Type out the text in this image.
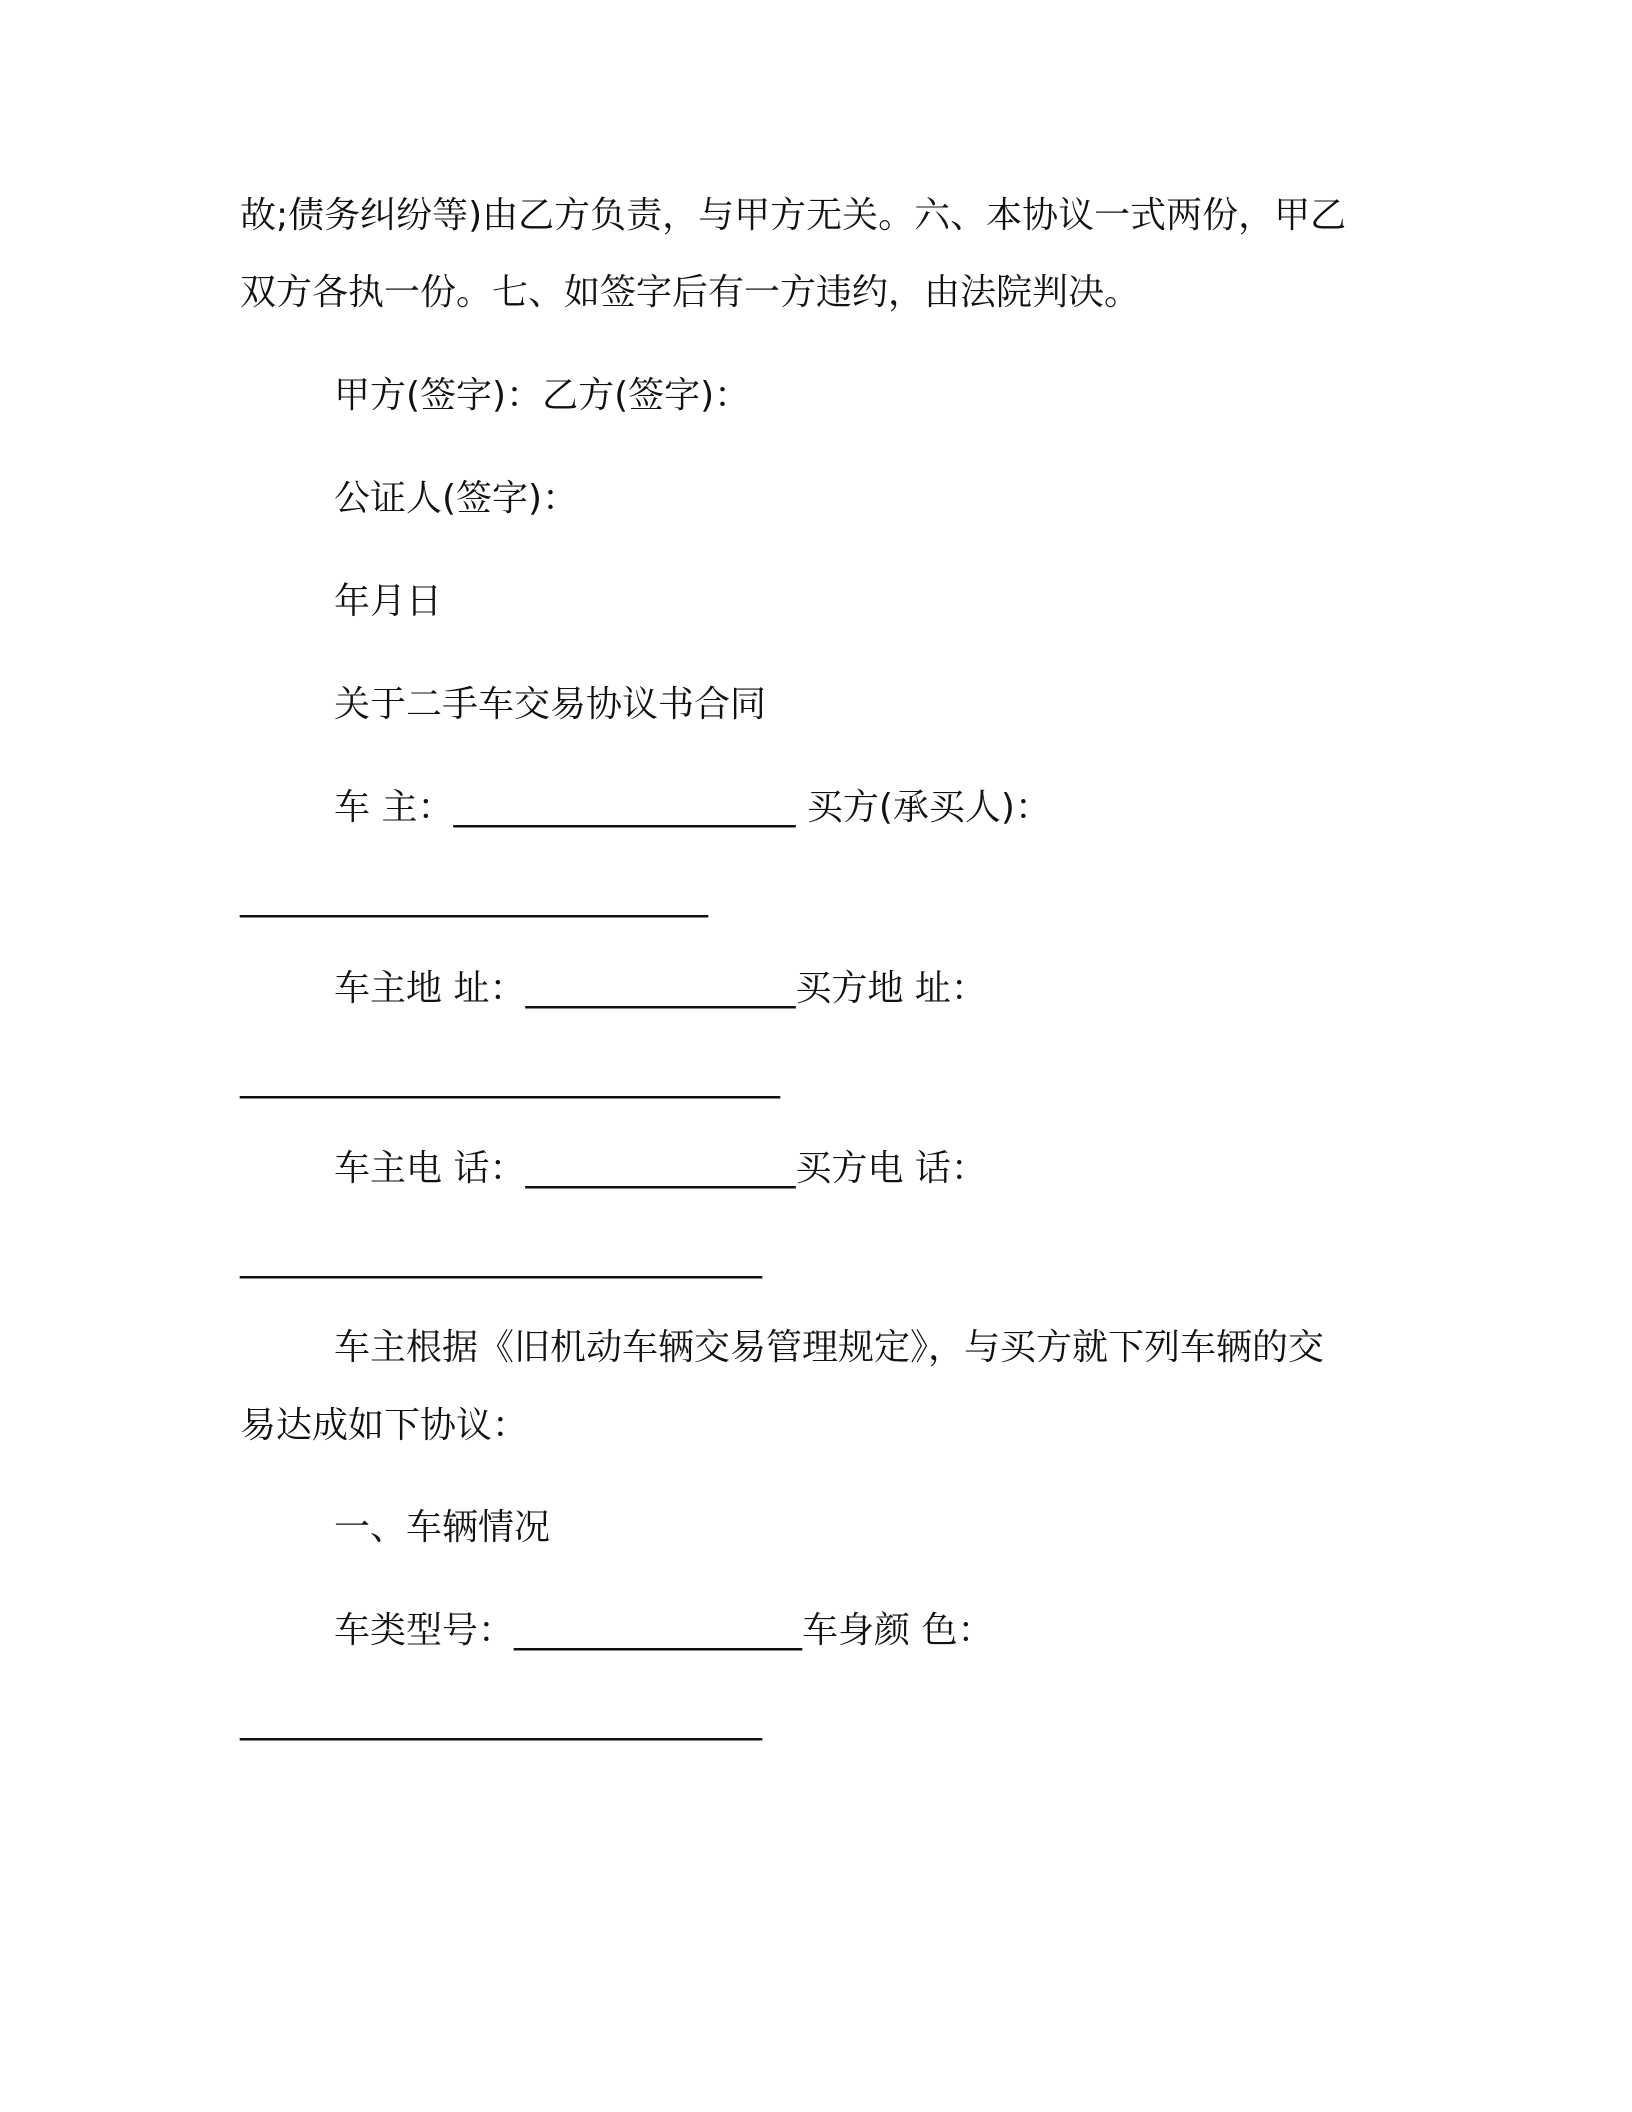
故;债务纠纷等)由乙方负责，与甲方无关。六、本协议一式两份，甲乙
双方各执一份。七、如签字后有一方违约，由法院判决。
甲方(签字)：乙方(签字)：
公证人(签字)：
年月日
关于二手车交易协议书合同
车 主：___________________ 买方(承买人)：
__________________________
车主地 址：_______________买方地 址：
______________________________
车主电 话：_______________买方电 话：
_____________________________
车主根据《旧机动车辆交易管理规定》，与买方就下列车辆的交
易达成如下协议：
一、车辆情况
车类型号：________________车身颜 色：
_____________________________
